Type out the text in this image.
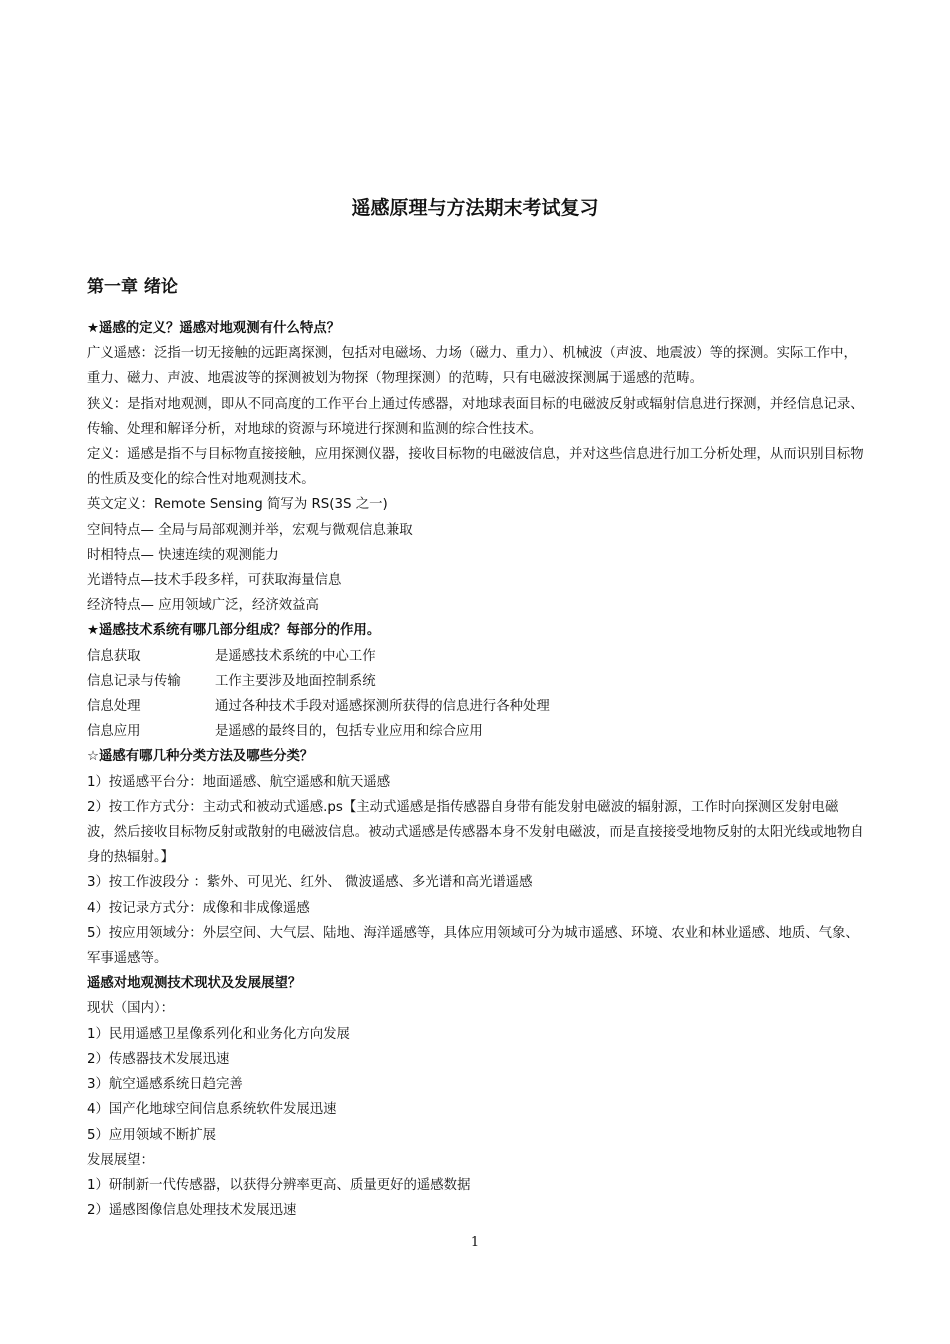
遥感原理与方法期末考试复习
第一章 绪论

★遥感的定义？遥感对地观测有什么特点？

广义遥感：泛指一切无接触的远距离探测，包括对电磁场、力场（磁力、重力）、机械波（声波、地震波）等的探测。实际工作中，重力、磁力、声波、地震波等的探测被划为物探（物理探测）的范畴，只有电磁波探测属于遥感的范畴。

狭义：是指对地观测，即从不同高度的工作平台上通过传感器，对地球表面目标的电磁波反射或辐射信息进行探测，并经信息记录、传输、处理和解译分析，对地球的资源与环境进行探测和监测的综合性技术。

定义：遥感是指不与目标物直接接触，应用探测仪器，接收目标物的电磁波信息，并对这些信息进行加工分析处理，从而识别目标物的性质及变化的综合性对地观测技术。

英文定义：Remote Sensing 简写为 RS(3S 之一)

空间特点— 全局与局部观测并举，宏观与微观信息兼取

时相特点— 快速连续的观测能力

光谱特点—技术手段多样，可获取海量信息

经济特点— 应用领域广泛，经济效益高

★遥感技术系统有哪几部分组成？每部分的作用。

信息获取	是遥感技术系统的中心工作
信息记录与传输	工作主要涉及地面控制系统
信息处理	通过各种技术手段对遥感探测所获得的信息进行各种处理
信息应用	是遥感的最终目的，包括专业应用和综合应用

☆遥感有哪几种分类方法及哪些分类？

1）按遥感平台分：地面遥感、航空遥感和航天遥感

2）按工作方式分：主动式和被动式遥感.ps【主动式遥感是指传感器自身带有能发射电磁波的辐射源，工作时向探测区发射电磁波，然后接收目标物反射或散射的电磁波信息。被动式遥感是传感器本身不发射电磁波，而是直接接受地物反射的太阳光线或地物自身的热辐射。】

3）按工作波段分 ：紫外、可见光、红外、 微波遥感、多光谱和高光谱遥感

4）按记录方式分：成像和非成像遥感

5）按应用领域分：外层空间、大气层、陆地、海洋遥感等，具体应用领域可分为城市遥感、环境、农业和林业遥感、地质、气象、军事遥感等。

遥感对地观测技术现状及发展展望？

现状（国内）：

1）民用遥感卫星像系列化和业务化方向发展

2）传感器技术发展迅速

3）航空遥感系统日趋完善

4）国产化地球空间信息系统软件发展迅速

5）应用领域不断扩展

发展展望：

1）研制新一代传感器，以获得分辨率更高、质量更好的遥感数据

2）遥感图像信息处理技术发展迅速

1
